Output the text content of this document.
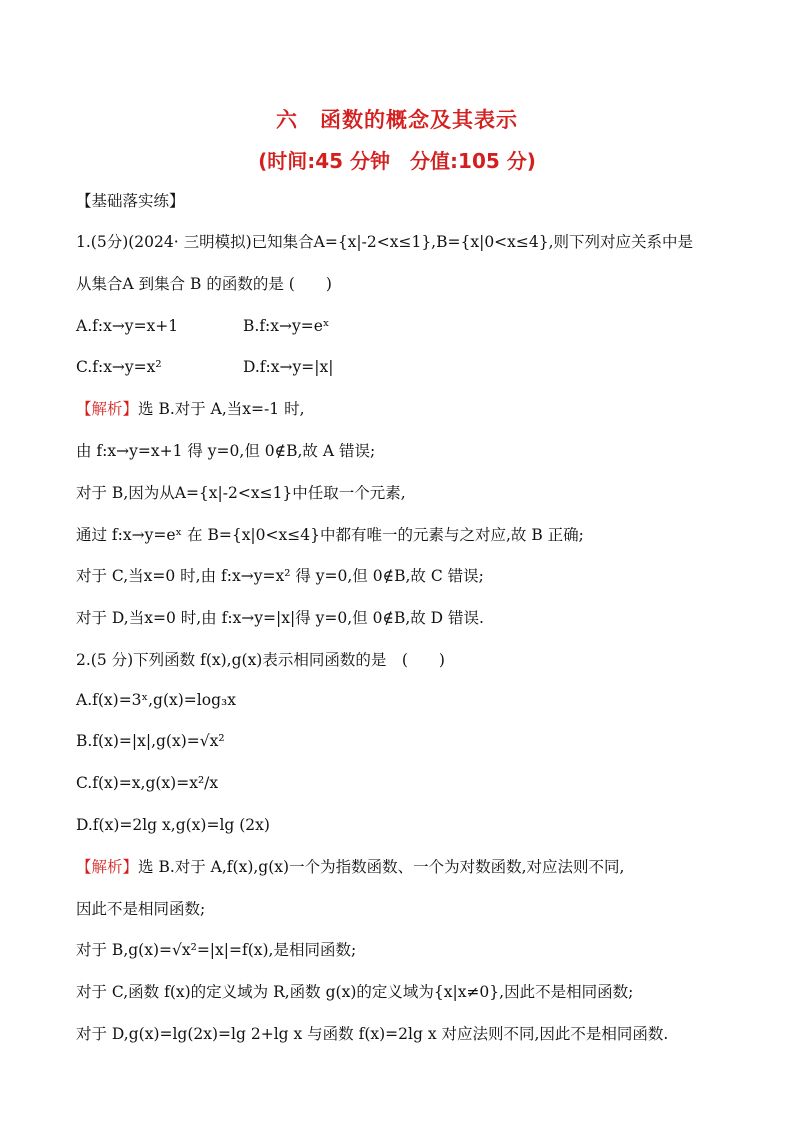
六　函数的概念及其表示
(时间:45 分钟　分值:105 分)
【基础落实练】
1.(5分)(2024· 三明模拟)已知集合A={x|-2<x≤1},B={x|0<x≤4},则下列对应关系中是
从集合A 到集合 B 的函数的是 (　　)
A.f:x→y=x+1	B.f:x→y=eˣ
C.f:x→y=x²	D.f:x→y=|x|
【解析】选 B.对于 A,当x=-1 时,
由 f:x→y=x+1 得 y=0,但 0∉B,故 A 错误;
对于 B,因为从A={x|-2<x≤1}中任取一个元素,
通过 f:x→y=eˣ 在 B={x|0<x≤4}中都有唯一的元素与之对应,故 B 正确;
对于 C,当x=0 时,由 f:x→y=x² 得 y=0,但 0∉B,故 C 错误;
对于 D,当x=0 时,由 f:x→y=|x|得 y=0,但 0∉B,故 D 错误.
2.(5 分)下列函数 f(x),g(x)表示相同函数的是　(　　)
A.f(x)=3ˣ,g(x)=log₃x
B.f(x)=|x|,g(x)=√x²
C.f(x)=x,g(x)=x²/x
D.f(x)=2lg x,g(x)=lg (2x)
【解析】选 B.对于 A,f(x),g(x)一个为指数函数、一个为对数函数,对应法则不同,
因此不是相同函数;
对于 B,g(x)=√x²=|x|=f(x),是相同函数;
对于 C,函数 f(x)的定义域为 R,函数 g(x)的定义域为{x|x≠0},因此不是相同函数;
对于 D,g(x)=lg(2x)=lg 2+lg x 与函数 f(x)=2lg x 对应法则不同,因此不是相同函数.
